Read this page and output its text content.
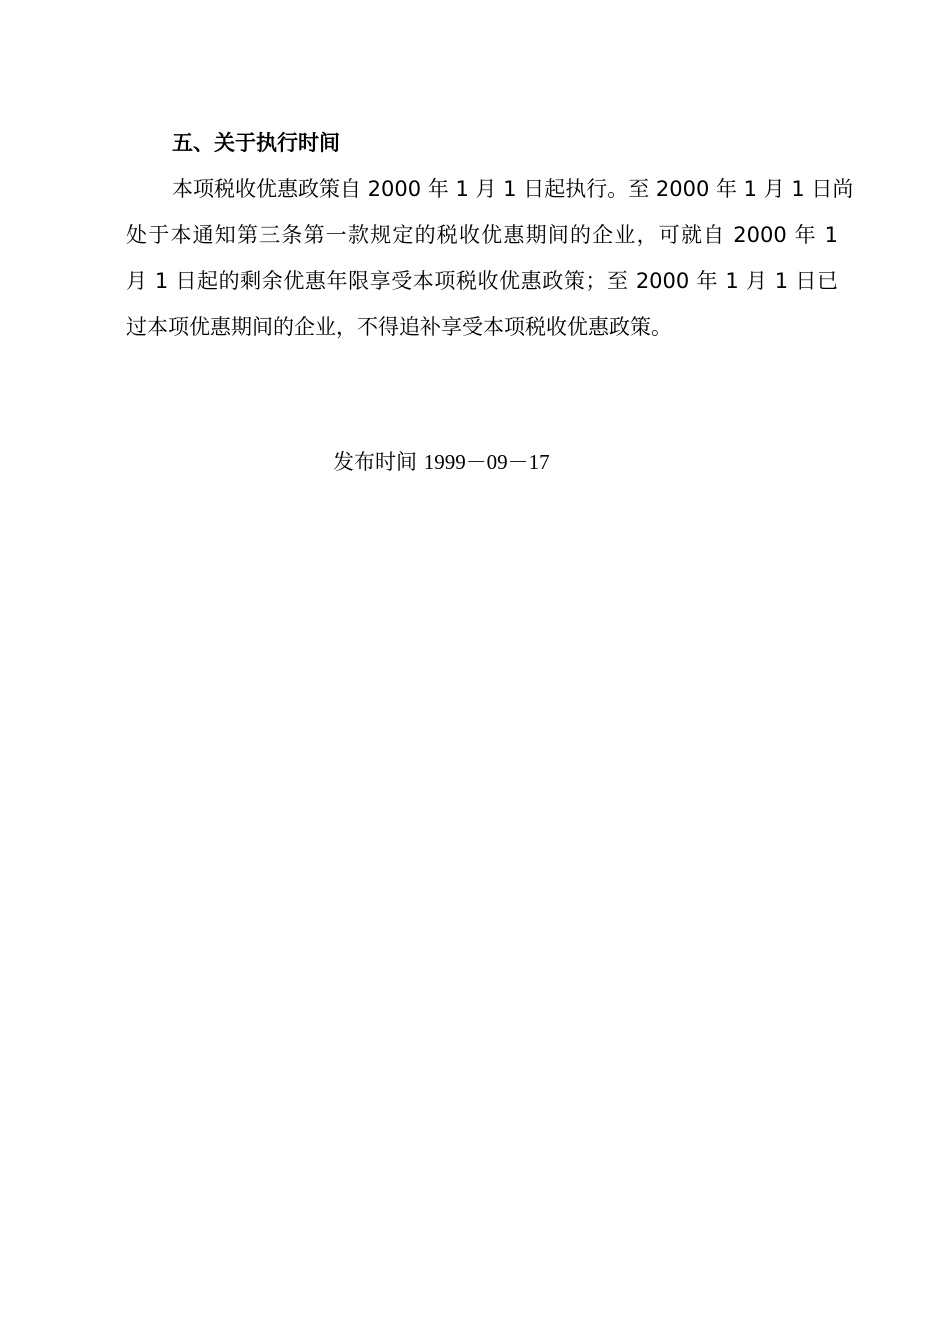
五、关于执行时间

本项税收优惠政策自 2000 年 1 月 1 日起执行。至 2000 年 1 月 1 日尚

处于本通知第三条第一款规定的税收优惠期间的企业，可就自 2000 年 1

月 1 日起的剩余优惠年限享受本项税收优惠政策；至 2000 年 1 月 1 日已

过本项优惠期间的企业，不得追补享受本项税收优惠政策。

发布时间 1999－09－17
